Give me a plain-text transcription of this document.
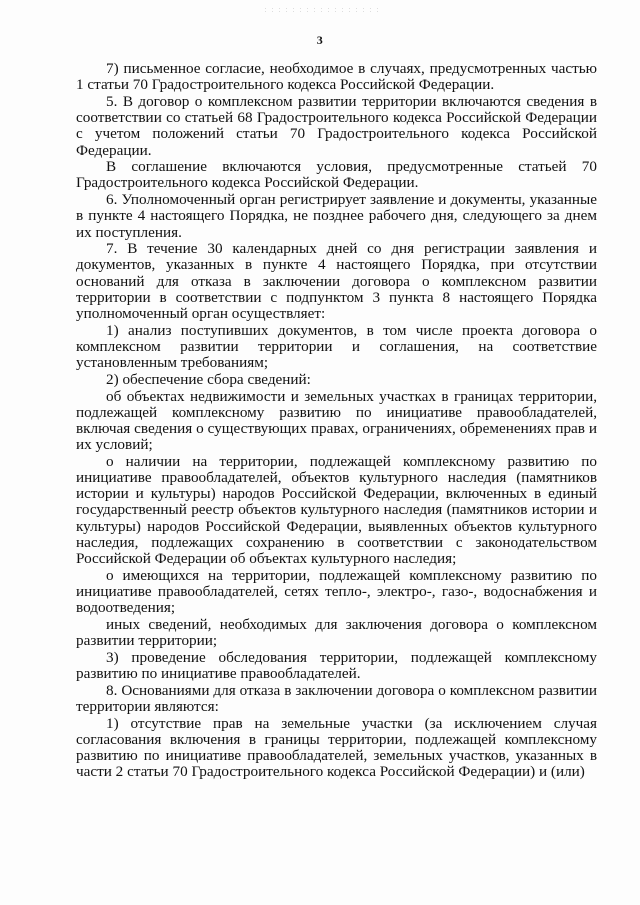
3

7) письменное согласие, необходимое в случаях, предусмотренных частью 1 статьи 70 Градостроительного кодекса Российской Федерации.

5. В договор о комплексном развитии территории включаются сведения в соответствии со статьей 68 Градостроительного кодекса Российской Федерации с учетом положений статьи 70 Градостроительного кодекса Российской Федерации.

В соглашение включаются условия, предусмотренные статьей 70 Градостроительного кодекса Российской Федерации.

6. Уполномоченный орган регистрирует заявление и документы, указанные в пункте 4 настоящего Порядка, не позднее рабочего дня, следующего за днем их поступления.

7. В течение 30 календарных дней со дня регистрации заявления и документов, указанных в пункте 4 настоящего Порядка, при отсутствии оснований для отказа в заключении договора о комплексном развитии территории в соответствии с подпунктом 3 пункта 8 настоящего Порядка уполномоченный орган осуществляет:

1) анализ поступивших документов, в том числе проекта договора о комплексном развитии территории и соглашения, на соответствие установленным требованиям;

2) обеспечение сбора сведений:

об объектах недвижимости и земельных участках в границах территории, подлежащей комплексному развитию по инициативе правообладателей, включая сведения о существующих правах, ограничениях, обременениях прав и их условий;

о наличии на территории, подлежащей комплексному развитию по инициативе правообладателей, объектов культурного наследия (памятников истории и культуры) народов Российской Федерации, включенных в единый государственный реестр объектов культурного наследия (памятников истории и культуры) народов Российской Федерации, выявленных объектов культурного наследия, подлежащих сохранению в соответствии с законодательством Российской Федерации об объектах культурного наследия;

о имеющихся на территории, подлежащей комплексному развитию по инициативе правообладателей, сетях тепло-, электро-, газо-, водоснабжения и водоотведения;

иных сведений, необходимых для заключения договора о комплексном развитии территории;

3) проведение обследования территории, подлежащей комплексному развитию по инициативе правообладателей.

8. Основаниями для отказа в заключении договора о комплексном развитии территории являются:

1) отсутствие прав на земельные участки (за исключением случая согласования включения в границы территории, подлежащей комплексному развитию по инициативе правообладателей, земельных участков, указанных в части 2 статьи 70 Градостроительного кодекса Российской Федерации) и (или)
